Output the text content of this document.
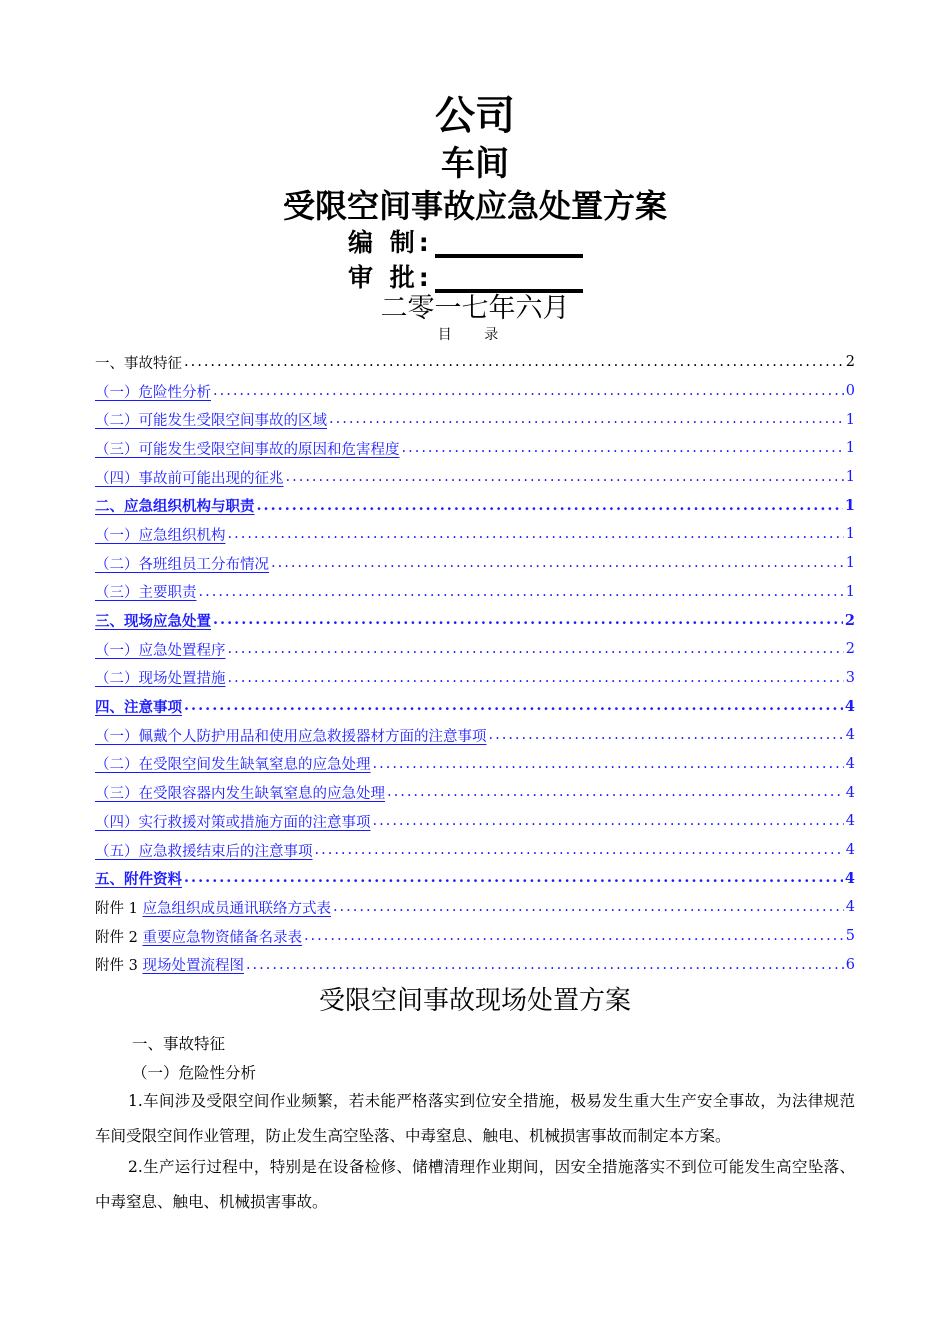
公司
车间
受限空间事故应急处置方案
编 制:
审 批:
二零一七年六月
目 录
一、事故特征 .....	2
（一）危险性分析 .....	0
（二）可能发生受限空间事故的区域 .....	1
（三）可能发生受限空间事故的原因和危害程度 .....	1
（四）事故前可能出现的征兆 .....	1
二、应急组织机构与职责 .....	1
（一）应急组织机构 .....	1
（二）各班组员工分布情况 .....	1
（三）主要职责 .....	1
三、现场应急处置 .....	2
（一）应急处置程序 .....	2
（二）现场处置措施 .....	3
四、注意事项 .....	4
（一）佩戴个人防护用品和使用应急救援器材方面的注意事项 .....	4
（二）在受限空间发生缺氧窒息的应急处理 .....	4
（三）在受限容器内发生缺氧窒息的应急处理 .....	4
（四）实行救援对策或措施方面的注意事项 .....	4
（五）应急救援结束后的注意事项 .....	4
五、附件资料 .....	4
附件 1 应急组织成员通讯联络方式表 .....	4
附件 2 重要应急物资储备名录表 .....	5
附件 3 现场处置流程图 .....	6
受限空间事故现场处置方案
一、事故特征
（一）危险性分析
1.车间涉及受限空间作业频繁，若未能严格落实到位安全措施，极易发生重大生产安全事故，为法律规范车间受限空间作业管理，防止发生高空坠落、中毒窒息、触电、机械损害事故而制定本方案。
2.生产运行过程中，特别是在设备检修、储槽清理作业期间，因安全措施落实不到位可能发生高空坠落、中毒窒息、触电、机械损害事故。
